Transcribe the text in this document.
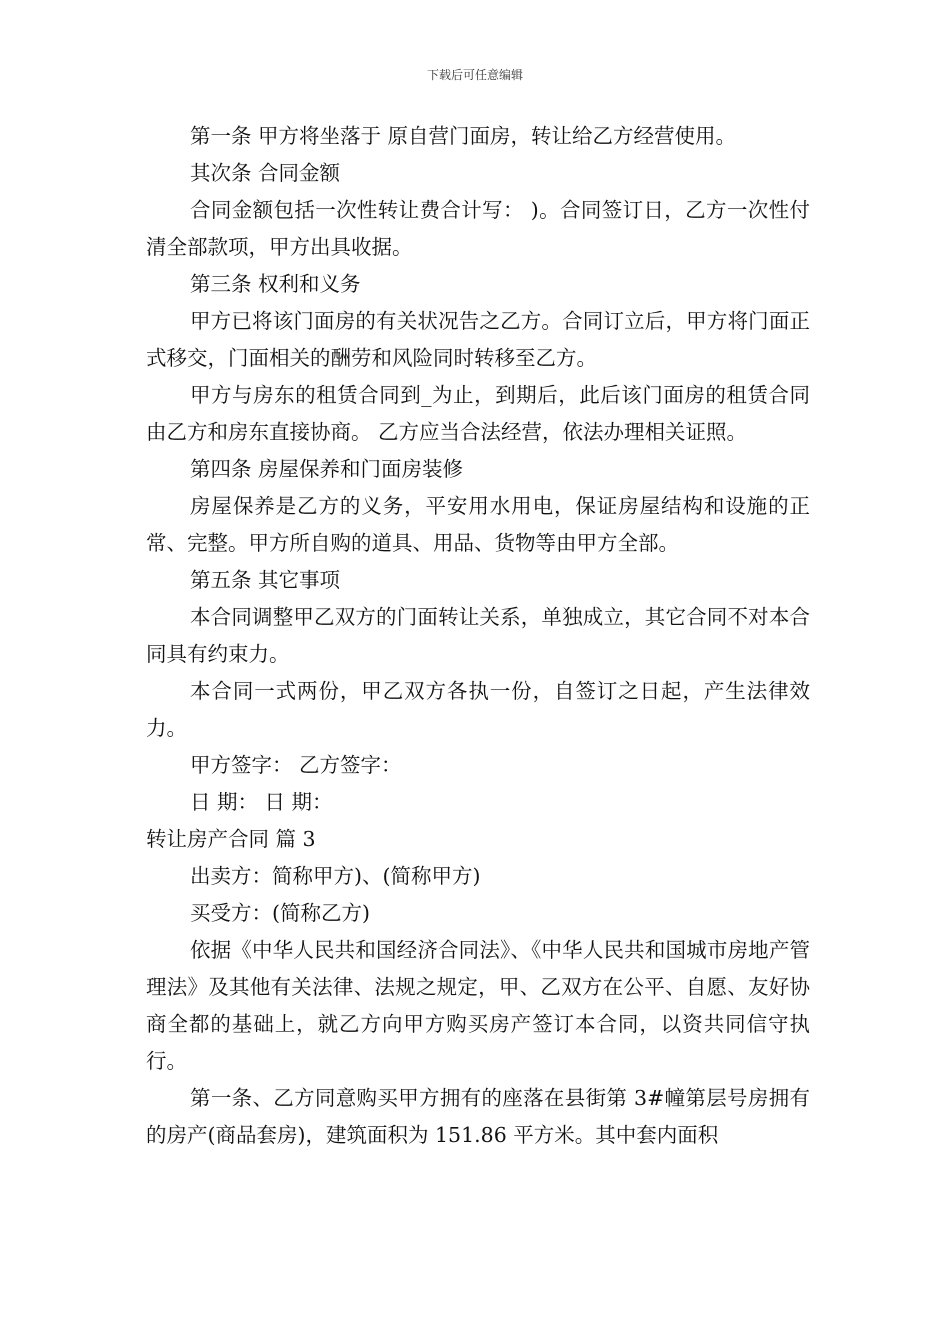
下载后可任意编辑

第一条 甲方将坐落于 原自营门面房，转让给乙方经营使用。

其次条 合同金额

合同金额包括一次性转让费合计写： )。合同签订日，乙方一次性付清全部款项，甲方出具收据。

第三条 权利和义务

甲方已将该门面房的有关状况告之乙方。合同订立后，甲方将门面正式移交，门面相关的酬劳和风险同时转移至乙方。

甲方与房东的租赁合同到_为止，到期后，此后该门面房的租赁合同由乙方和房东直接协商。 乙方应当合法经营，依法办理相关证照。

第四条 房屋保养和门面房装修

房屋保养是乙方的义务，平安用水用电，保证房屋结构和设施的正常、完整。甲方所自购的道具、用品、货物等由甲方全部。

第五条 其它事项

本合同调整甲乙双方的门面转让关系，单独成立，其它合同不对本合同具有约束力。

本合同一式两份，甲乙双方各执一份，自签订之日起，产生法律效力。

甲方签字： 乙方签字：

日 期： 日 期：

转让房产合同 篇 3

出卖方：简称甲方)、(简称甲方)

买受方：(简称乙方)

依据《中华人民共和国经济合同法》、《中华人民共和国城市房地产管理法》及其他有关法律、法规之规定，甲、乙双方在公平、自愿、友好协商全都的基础上，就乙方向甲方购买房产签订本合同，以资共同信守执行。

第一条、乙方同意购买甲方拥有的座落在县街第 3#幢第层号房拥有的房产(商品套房)，建筑面积为 151.86 平方米。其中套内面积
